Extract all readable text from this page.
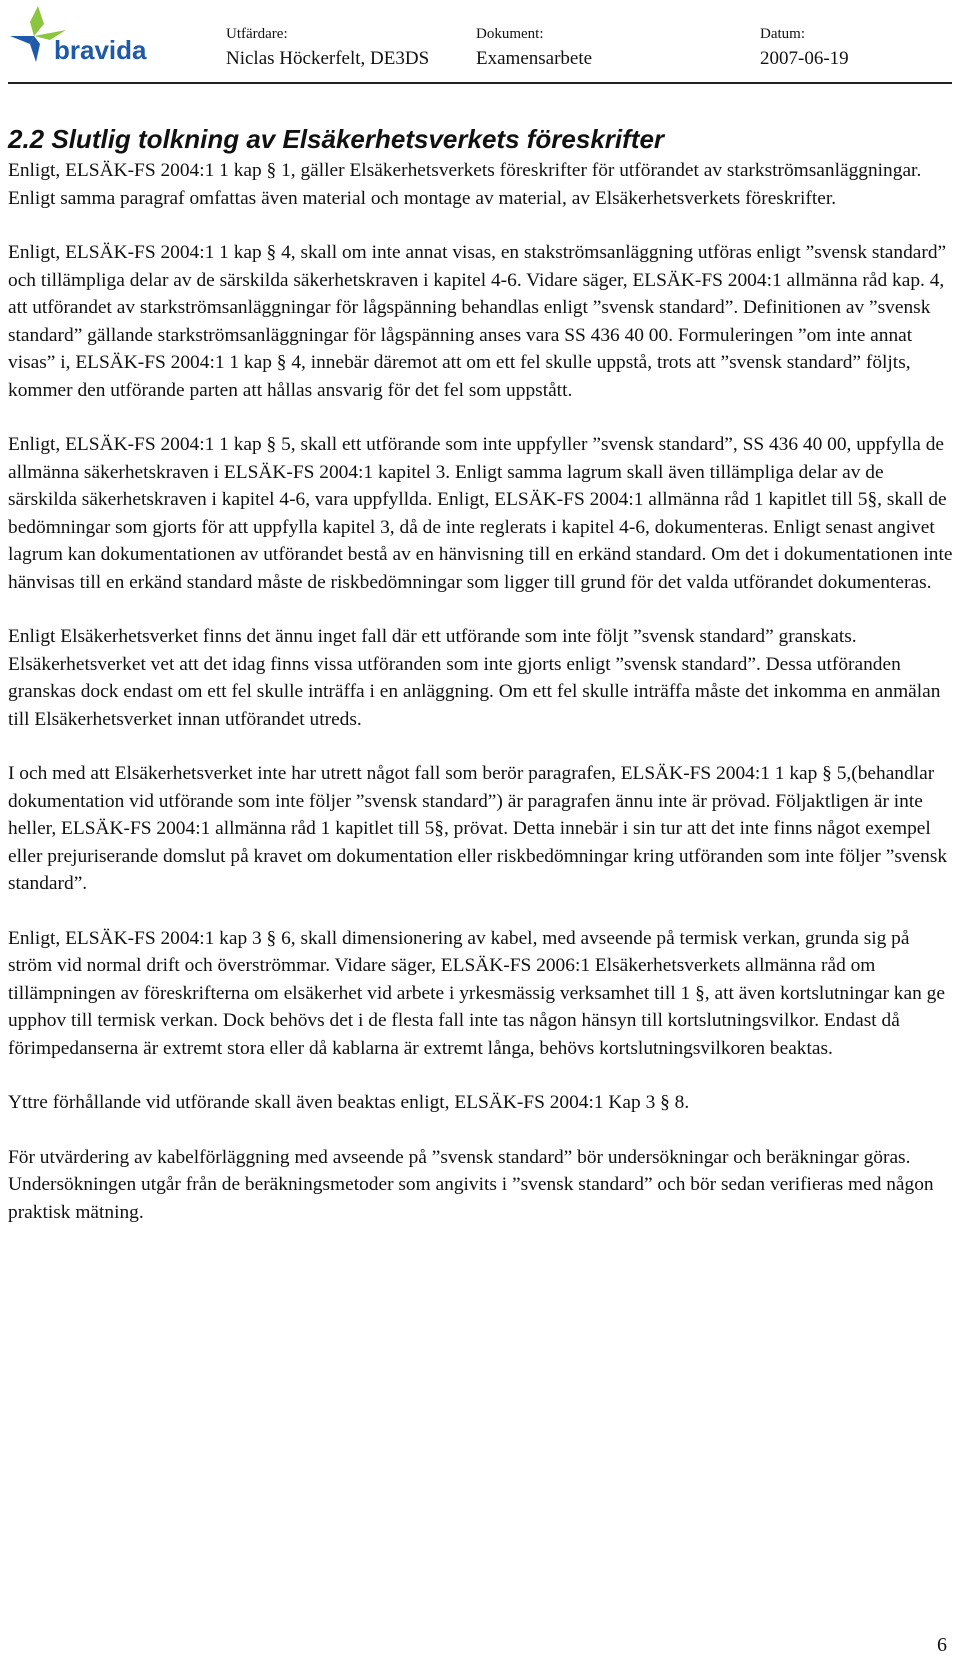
bravida
Utfärdare:
Niclas Höckerfelt, DE3DS
Dokument:
Examensarbete
Datum:
2007-06-19
2.2 Slutlig tolkning av Elsäkerhetsverkets föreskrifter

Enligt, ELSÄK-FS 2004:1 1 kap § 1, gäller Elsäkerhetsverkets föreskrifter för utförandet av starkströmsanläggningar. Enligt samma paragraf omfattas även material och montage av material, av Elsäkerhetsverkets föreskrifter.

Enligt, ELSÄK-FS 2004:1 1 kap § 4, skall om inte annat visas, en stakströmsanläggning utföras enligt ”svensk standard” och tillämpliga delar av de särskilda säkerhetskraven i kapitel 4-6. Vidare säger, ELSÄK-FS 2004:1 allmänna råd kap. 4, att utförandet av starkströmsanläggningar för lågspänning behandlas enligt ”svensk standard”. Definitionen av ”svensk standard” gällande starkströmsanläggningar för lågspänning anses vara SS 436 40 00. Formuleringen ”om inte annat visas” i, ELSÄK-FS 2004:1 1 kap § 4, innebär däremot att om ett fel skulle uppstå, trots att ”svensk standard” följts, kommer den utförande parten att hållas ansvarig för det fel som uppstått.

Enligt, ELSÄK-FS 2004:1 1 kap § 5, skall ett utförande som inte uppfyller ”svensk standard”, SS 436 40 00, uppfylla de allmänna säkerhetskraven i ELSÄK-FS 2004:1 kapitel 3. Enligt samma lagrum skall även tillämpliga delar av de särskilda säkerhetskraven i kapitel 4-6, vara uppfyllda. Enligt, ELSÄK-FS 2004:1 allmänna råd 1 kapitlet till 5§, skall de bedömningar som gjorts för att uppfylla kapitel 3, då de inte reglerats i kapitel 4-6, dokumenteras. Enligt senast angivet lagrum kan dokumentationen av utförandet bestå av en hänvisning till en erkänd standard. Om det i dokumentationen inte hänvisas till en erkänd standard måste de riskbedömningar som ligger till grund för det valda utförandet dokumenteras.

Enligt Elsäkerhetsverket finns det ännu inget fall där ett utförande som inte följt ”svensk standard” granskats. Elsäkerhetsverket vet att det idag finns vissa utföranden som inte gjorts enligt ”svensk standard”. Dessa utföranden granskas dock endast om ett fel skulle inträffa i en anläggning. Om ett fel skulle inträffa måste det inkomma en anmälan till Elsäkerhetsverket innan utförandet utreds.

I och med att Elsäkerhetsverket inte har utrett något fall som berör paragrafen, ELSÄK-FS 2004:1 1 kap § 5,(behandlar dokumentation vid utförande som inte följer ”svensk standard”) är paragrafen ännu inte är prövad. Följaktligen är inte heller, ELSÄK-FS 2004:1 allmänna råd 1 kapitlet till 5§, prövat. Detta innebär i sin tur att det inte finns något exempel eller prejuriserande domslut på kravet om dokumentation eller riskbedömningar kring utföranden som inte följer ”svensk standard”.

Enligt, ELSÄK-FS 2004:1 kap 3 § 6, skall dimensionering av kabel, med avseende på termisk verkan, grunda sig på ström vid normal drift och överströmmar. Vidare säger, ELSÄK-FS 2006:1 Elsäkerhetsverkets allmänna råd om tillämpningen av föreskrifterna om elsäkerhet vid arbete i yrkesmässig verksamhet till 1 §, att även kortslutningar kan ge upphov till termisk verkan. Dock behövs det i de flesta fall inte tas någon hänsyn till kortslutningsvilkor. Endast då förimpedanserna är extremt stora eller då kablarna är extremt långa, behövs kortslutningsvilkoren beaktas.

Yttre förhållande vid utförande skall även beaktas enligt, ELSÄK-FS 2004:1 Kap 3 § 8.

För utvärdering av kabelförläggning med avseende på ”svensk standard” bör undersökningar och beräkningar göras. Undersökningen utgår från de beräkningsmetoder som angivits i ”svensk standard” och bör sedan verifieras med någon praktisk mätning.

6
